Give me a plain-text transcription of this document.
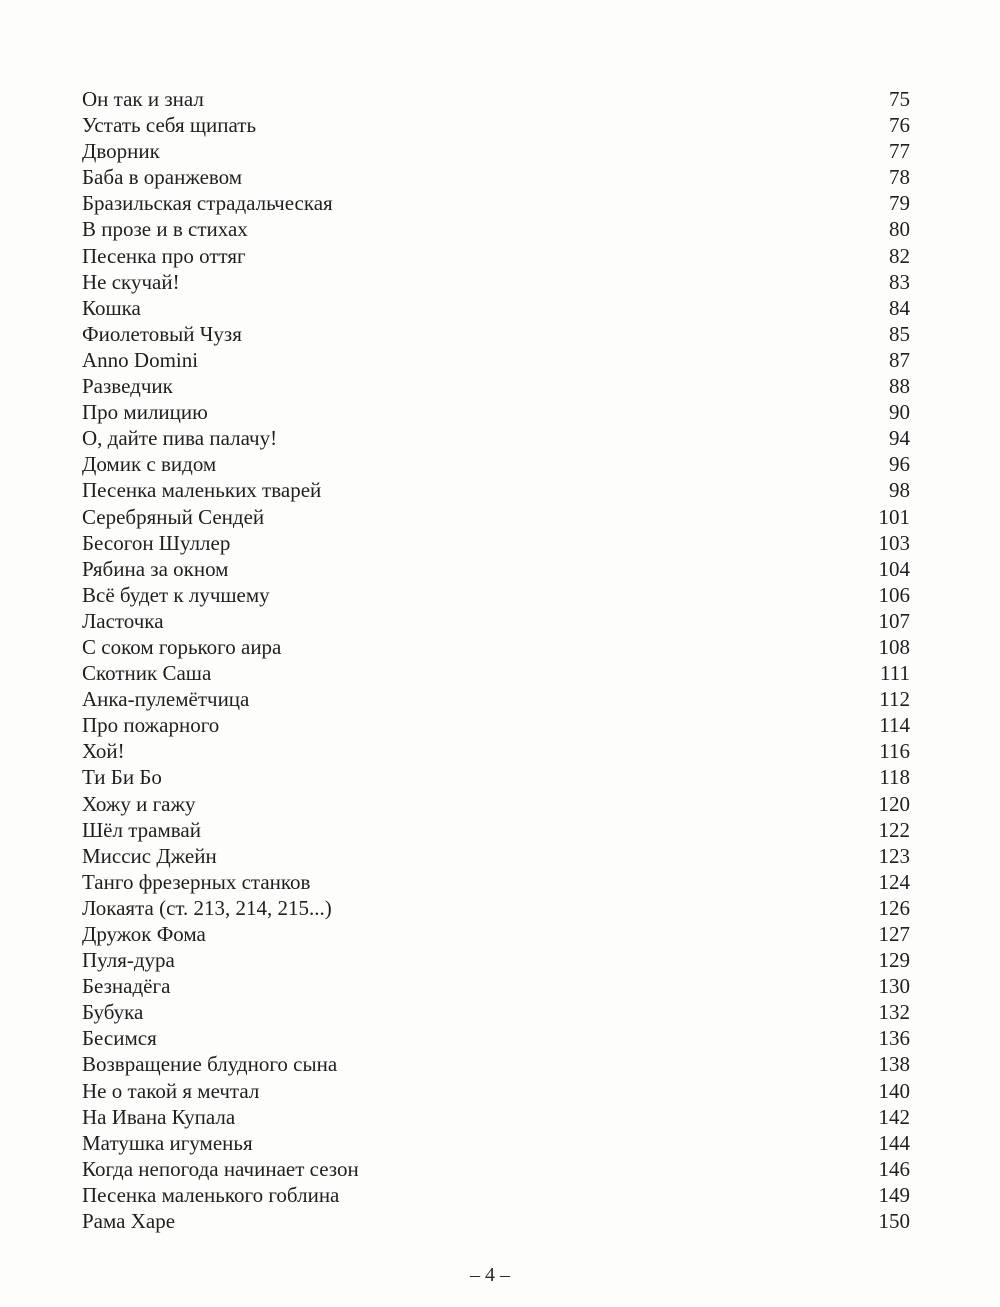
Он так и знал	75
Устать себя щипать	76
Дворник	77
Баба в оранжевом	78
Бразильская страдальческая	79
В прозе и в стихах	80
Песенка про оттяг	82
Не скучай!	83
Кошка	84
Фиолетовый Чузя	85
Anno Domini	87
Разведчик	88
Про милицию	90
О, дайте пива палачу!	94
Домик с видом	96
Песенка маленьких тварей	98
Серебряный Сендей	101
Бесогон Шуллер	103
Рябина за окном	104
Всё будет к лучшему	106
Ласточка	107
С соком горького аира	108
Скотник Саша	111
Анка-пулемётчица	112
Про пожарного	114
Хой!	116
Ти Би Бо	118
Хожу и гажу	120
Шёл трамвай	122
Миссис Джейн	123
Танго фрезерных станков	124
Локаята (ст. 213, 214, 215...)	126
Дружок Фома	127
Пуля-дура	129
Безнадёга	130
Бубука	132
Бесимся	136
Возвращение блудного сына	138
Не о такой я мечтал	140
На Ивана Купала	142
Матушка игуменья	144
Когда непогода начинает сезон	146
Песенка маленького гоблина	149
Рама Харе	150
– 4 –
